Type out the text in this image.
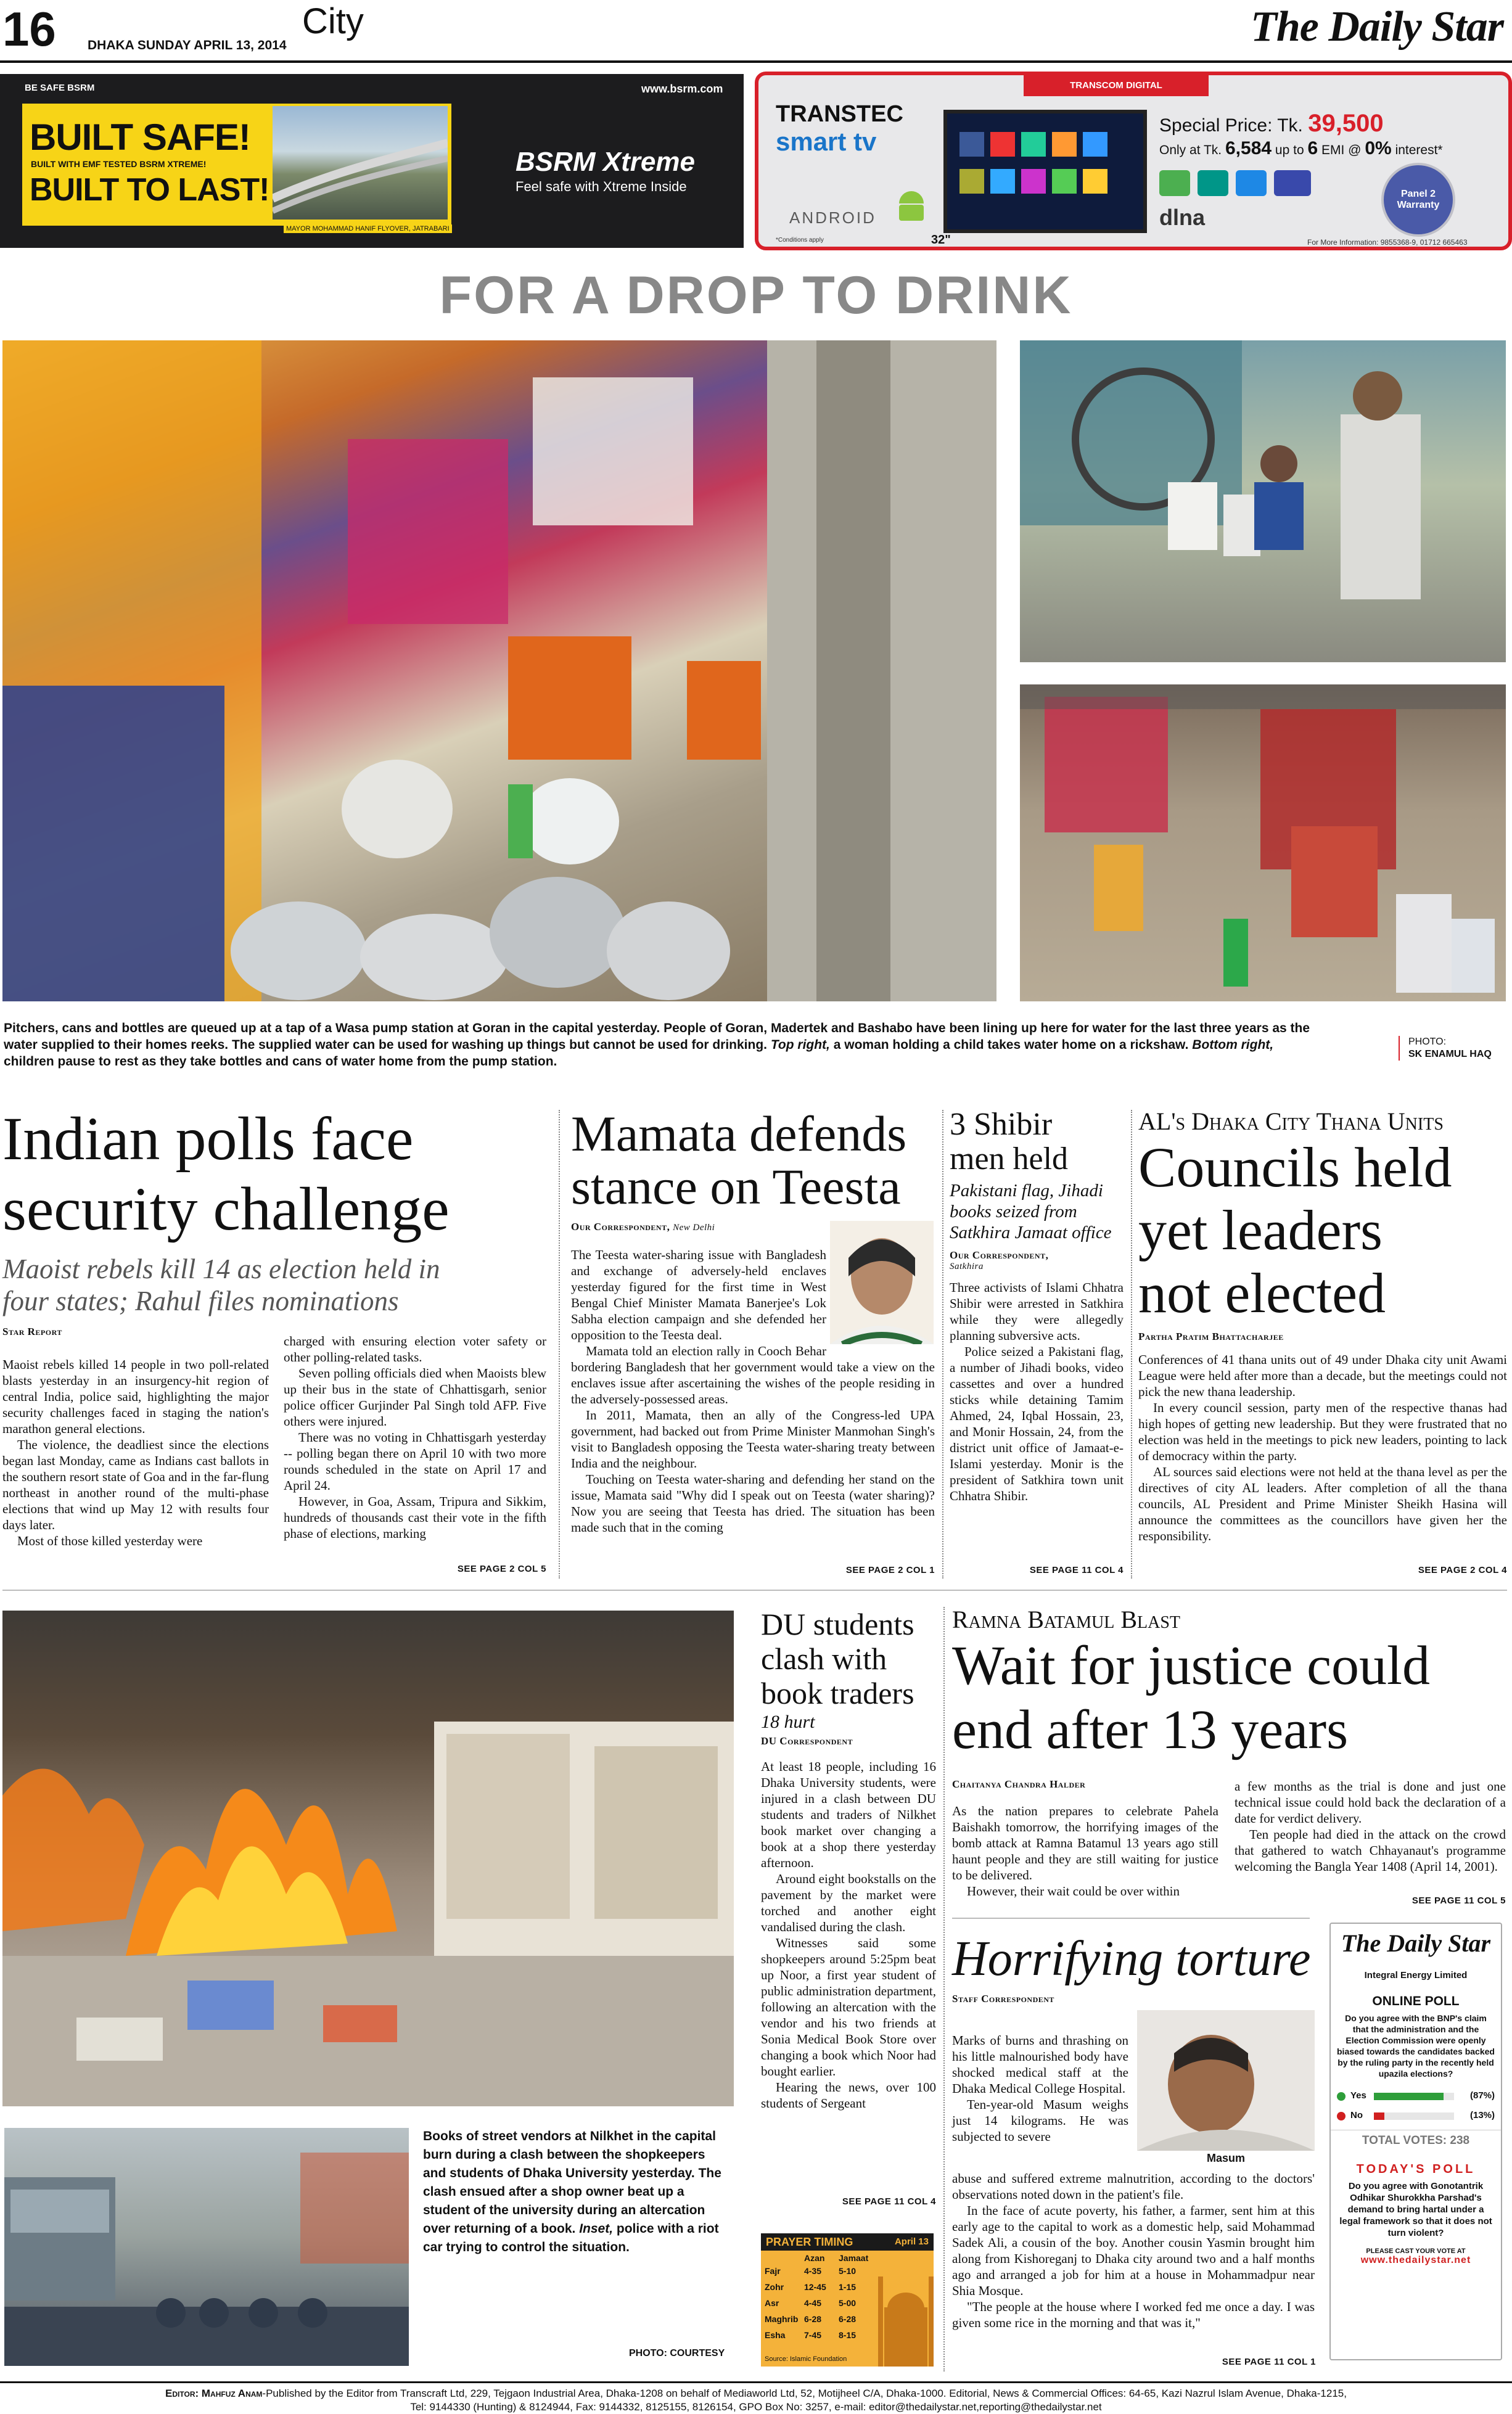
16 DHAKA SUNDAY APRIL 13, 2014
City	The Daily Star
BE SAFE BSRM
BUILT SAFE!
BUILT WITH EMF TESTED BSRM XTREME!
BUILT TO LAST!
MAYOR MOHAMMAD HANIF FLYOVER, JATRABARI
www.bsrm.com
BSRM Xtreme
Feel safe with Xtreme Inside
TRANSCOM DIGITAL
TRANSTEC
smart tv
32"
ANDROID
*Conditions apply
Special Price: Tk. 39,500
Only at Tk. 6,584 up to 6 EMI @ 0% interest*
dlna
Panel 2 Warranty
For More Information: 9855368-9, 01712 665463
FOR A DROP TO DRINK
Pitchers, cans and bottles are queued up at a tap of a Wasa pump station at Goran in the capital yesterday. People of Goran, Madertek and Bashabo have been lining up here for water for the last three years as the water supplied to their homes reeks. The supplied water can be used for washing up things but cannot be used for drinking. Top right, a woman holding a child takes water home on a rickshaw. Bottom right, children pause to rest as they take bottles and cans of water home from the pump station.
PHOTO:
SK ENAMUL HAQ
Indian polls face
security challenge
Maoist rebels kill 14 as election held in
four states; Rahul files nominations
Star Report

Maoist rebels killed 14 people in two poll-related blasts yesterday in an insurgency-hit region of central India, police said, highlighting the major security challenges faced in staging the nation's marathon general elections.

The violence, the deadliest since the elections began last Monday, came as Indians cast ballots in the southern resort state of Goa and in the far-flung northeast in another round of the multi-phase elections that wind up May 12 with results four days later.

Most of those killed yesterday were

charged with ensuring election voter safety or other polling-related tasks.

Seven polling officials died when Maoists blew up their bus in the state of Chhattisgarh, senior police officer Gurjinder Pal Singh told AFP. Five others were injured.

There was no voting in Chhattisgarh yesterday -- polling began there on April 10 with two more rounds scheduled in the state on April 17 and April 24.

However, in Goa, Assam, Tripura and Sikkim, hundreds of thousands cast their vote in the fifth phase of elections, marking

SEE PAGE 2 COL 5
Mamata defends
stance on Teesta
Our Correspondent, New Delhi

The Teesta water-sharing issue with Bangladesh and exchange of adversely-held enclaves yesterday figured for the first time in West Bengal Chief Minister Mamata Banerjee's Lok Sabha election campaign and she defended her opposition to the Teesta deal.

Mamata told an election rally in Cooch Behar bordering Bangladesh that her government would take a view on the enclaves issue after ascertaining the wishes of the people residing in the adversely-possessed areas.

In 2011, Mamata, then an ally of the Congress-led UPA government, had backed out from Prime Minister Manmohan Singh's visit to Bangladesh opposing the Teesta water-sharing treaty between India and the neighbour.

Touching on Teesta water-sharing and defending her stand on the issue, Mamata said "Why did I speak out on Teesta (water sharing)? Now you are seeing that Teesta has dried. The situation has been made such that in the coming

SEE PAGE 2 COL 1
3 Shibir
men held
Pakistani flag, Jihadi books seized from Satkhira Jamaat office
Our Correspondent,
Satkhira

Three activists of Islami Chhatra Shibir were arrested in Satkhira while they were allegedly planning subversive acts.

Police seized a Pakistani flag, a number of Jihadi books, video cassettes and over a hundred sticks while detaining Tamim Ahmed, 24, Iqbal Hossain, 23, and Monir Hossain, 24, from the district unit office of Jamaat-e-Islami yesterday. Monir is the president of Satkhira town unit Chhatra Shibir.

SEE PAGE 11 COL 4
AL's Dhaka City Thana Units
Councils held
yet leaders
not elected
Partha Pratim Bhattacharjee

Conferences of 41 thana units out of 49 under Dhaka city unit Awami League were held after more than a decade, but the meetings could not pick the new thana leadership.

In every council session, party men of the respective thanas had high hopes of getting new leadership. But they were frustrated that no election was held in the meetings to pick new leaders, pointing to lack of democracy within the party.

AL sources said elections were not held at the thana level as per the directives of city AL leaders. After completion of all the thana councils, AL President and Prime Minister Sheikh Hasina will announce the committees as the councillors have given her the responsibility.

SEE PAGE 2 COL 4
Books of street vendors at Nilkhet in the capital burn during a clash between the shopkeepers and students of Dhaka University yesterday. The clash ensued after a shop owner beat up a student of the university during an altercation over returning of a book. Inset, police with a riot car trying to control the situation.
PHOTO: COURTESY
DU students
clash with
book traders
18 hurt
DU Correspondent

At least 18 people, including 16 Dhaka University students, were injured in a clash between DU students and traders of Nilkhet book market over changing a book at a shop there yesterday afternoon.

Around eight bookstalls on the pavement by the market were torched and another eight vandalised during the clash.

Witnesses said some shopkeepers around 5:25pm beat up Noor, a first year student of public administration department, following an altercation with the vendor and his two friends at Sonia Medical Book Store over changing a book which Noor had bought earlier.

Hearing the news, over 100 students of Sergeant

SEE PAGE 11 COL 4
PRAYER TIMING	April 13
	Azan	Jamaat
Fajr	4-35	5-10
Zohr	12-45	1-15
Asr	4-45	5-00
Maghrib	6-28	6-28
Esha	7-45	8-15
Source: Islamic Foundation
Ramna Batamul Blast
Wait for justice could
end after 13 years
Chaitanya Chandra Halder

As the nation prepares to celebrate Pahela Baishakh tomorrow, the horrifying images of the bomb attack at Ramna Batamul 13 years ago still haunt people and they are still waiting for justice to be delivered.

However, their wait could be over within

a few months as the trial is done and just one technical issue could hold back the declaration of a date for verdict delivery.

Ten people had died in the attack on the crowd that gathered to watch Chhayanaut's programme welcoming the Bangla Year 1408 (April 14, 2001).

SEE PAGE 11 COL 5
Horrifying torture
Staff Correspondent
Masum

Marks of burns and thrashing on his little malnourished body have shocked medical staff at the Dhaka Medical College Hospital.

Ten-year-old Masum weighs just 14 kilograms. He was subjected to severe

abuse and suffered extreme malnutrition, according to the doctors' observations noted down in the patient's file.

In the face of acute poverty, his father, a farmer, sent him at this early age to the capital to work as a domestic help, said Mohammad Sadek Ali, a cousin of the boy. Another cousin Yasmin brought him along from Kishoreganj to Dhaka city around two and a half months ago and arranged a job for him at a house in Mohammadpur near Shia Mosque.

"The people at the house where I worked fed me once a day. I was given some rice in the morning and that was it,"

SEE PAGE 11 COL 1
The Daily Star
Integral Energy Limited
ONLINE POLL
Do you agree with the BNP's claim that the administration and the Election Commission were openly biased towards the candidates backed by the ruling party in the recently held upazila elections?
Yes	(87%)
No	(13%)
TOTAL VOTES: 238
TODAY'S POLL
Do you agree with Gonotantrik Odhikar Shurokkha Parshad's demand to bring hartal under a legal framework so that it does not turn violent?
PLEASE CAST YOUR VOTE AT
www.thedailystar.net
Editor: Mahfuz Anam-Published by the Editor from Transcraft Ltd, 229, Tejgaon Industrial Area, Dhaka-1208 on behalf of Mediaworld Ltd, 52, Motijheel C/A, Dhaka-1000. Editorial, News & Commercial Offices: 64-65, Kazi Nazrul Islam Avenue, Dhaka-1215,
Tel: 9144330 (Hunting) & 8124944, Fax: 9144332, 8125155, 8126154, GPO Box No: 3257, e-mail: editor@thedailystar.net,reporting@thedailystar.net
